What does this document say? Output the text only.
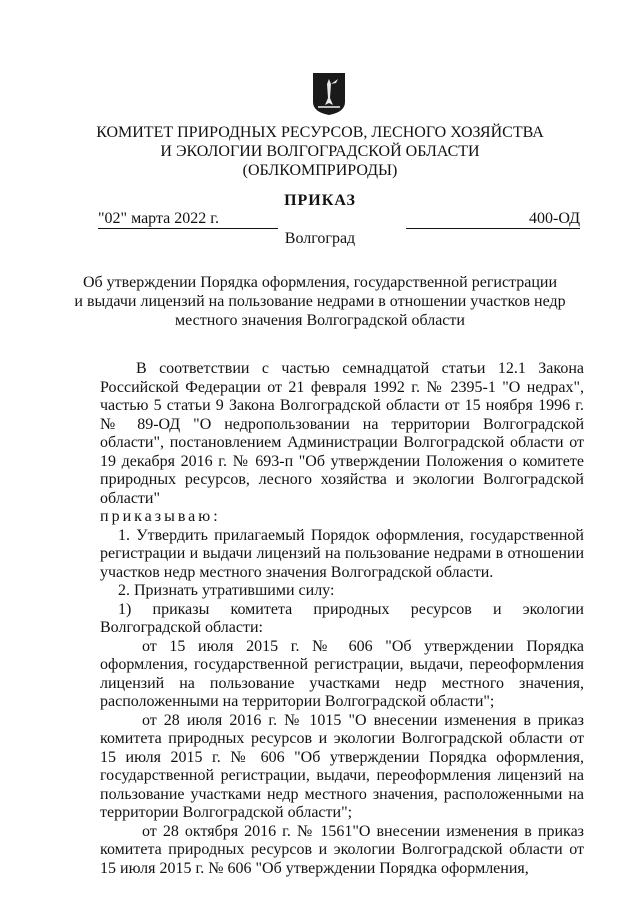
КОМИТЕТ ПРИРОДНЫХ РЕСУРСОВ, ЛЕСНОГО ХОЗЯЙСТВА
И ЭКОЛОГИИ ВОЛГОГРАДСКОЙ ОБЛАСТИ
(ОБЛКОМПРИРОДЫ)
ПРИКАЗ
"02" марта 2022 г.	400-ОД
Волгоград
Об утверждении Порядка оформления, государственной регистрации
и выдачи лицензий на пользование недрами в отношении участков недр
местного значения Волгоградской области

В соответствии с частью семнадцатой статьи 12.1 Закона Российской Федерации от 21 февраля 1992 г. № 2395-1 "О недрах", частью 5 статьи 9 Закона Волгоградской области от 15 ноября 1996 г. № 89-ОД "О недропользовании на территории Волгоградской области", постановлением Администрации Волгоградской области от 19 декабря 2016 г. № 693-п "Об утверждении Положения о комитете природных ресурсов, лесного хозяйства и экологии Волгоградской области"

приказываю:

1. Утвердить прилагаемый Порядок оформления, государственной регистрации и выдачи лицензий на пользование недрами в отношении участков недр местного значения Волгоградской области.

2. Признать утратившими силу:

1) приказы комитета природных ресурсов и экологии Волгоградской области:

от 15 июля 2015 г. № 606 "Об утверждении Порядка оформления, государственной регистрации, выдачи, переоформления лицензий на пользование участками недр местного значения, расположенными на территории Волгоградской области";

от 28 июля 2016 г. № 1015 "О внесении изменения в приказ комитета природных ресурсов и экологии Волгоградской области от 15 июля 2015 г. № 606 "Об утверждении Порядка оформления, государственной регистрации, выдачи, переоформления лицензий на пользование участками недр местного значения, расположенными на территории Волгоградской области";

от 28 октября 2016 г. № 1561"О внесении изменения в приказ комитета природных ресурсов и экологии Волгоградской области от 15 июля 2015 г. № 606 "Об утверждении Порядка оформления,
